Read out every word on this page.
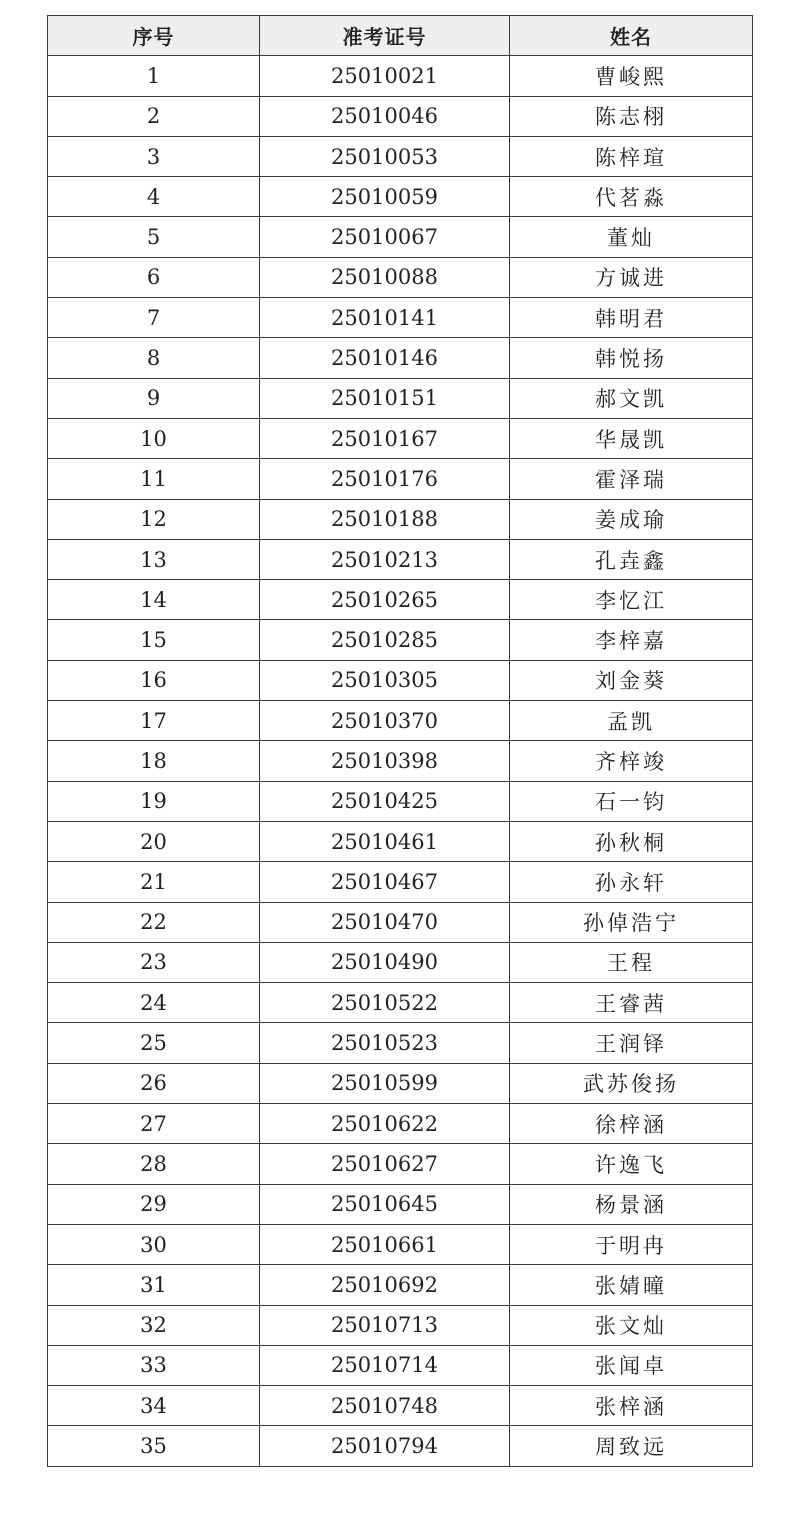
序号	准考证号	姓名
1	25010021	曹峻熙
2	25010046	陈志栩
3	25010053	陈梓瑄
4	25010059	代茗淼
5	25010067	董灿
6	25010088	方诚进
7	25010141	韩明君
8	25010146	韩悦扬
9	25010151	郝文凯
10	25010167	华晟凯
11	25010176	霍泽瑞
12	25010188	姜成瑜
13	25010213	孔垚鑫
14	25010265	李忆江
15	25010285	李梓嘉
16	25010305	刘金葵
17	25010370	孟凯
18	25010398	齐梓竣
19	25010425	石一钧
20	25010461	孙秋桐
21	25010467	孙永轩
22	25010470	孙倬浩宁
23	25010490	王程
24	25010522	王睿茜
25	25010523	王润铎
26	25010599	武苏俊扬
27	25010622	徐梓涵
28	25010627	许逸飞
29	25010645	杨景涵
30	25010661	于明冉
31	25010692	张婧曈
32	25010713	张文灿
33	25010714	张闻卓
34	25010748	张梓涵
35	25010794	周致远
